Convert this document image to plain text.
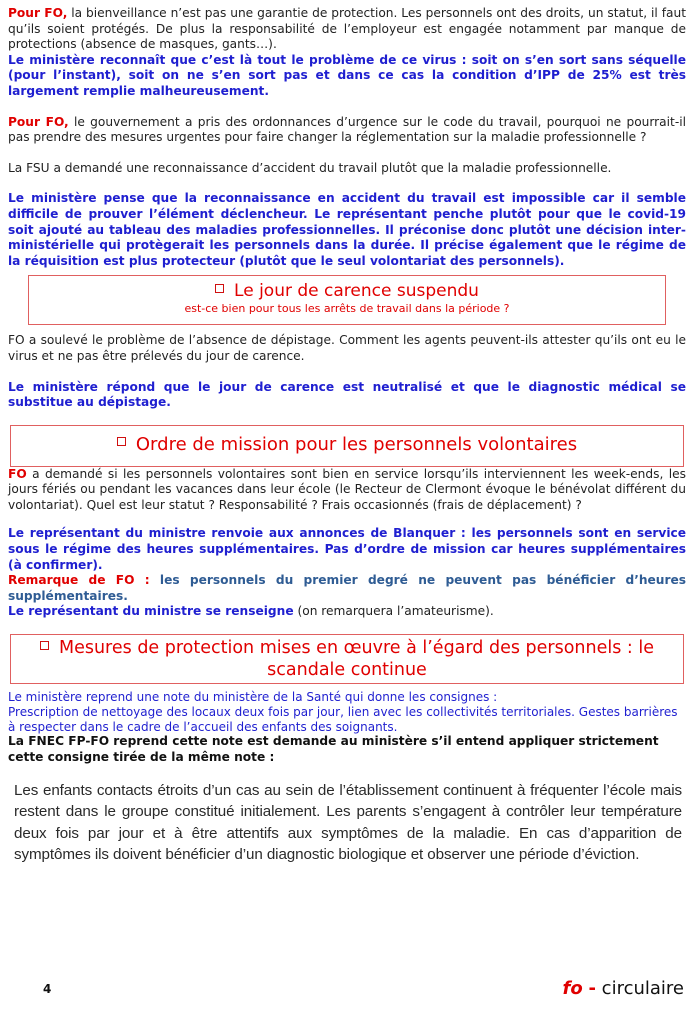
Pour FO, la bienveillance n’est pas une garantie de protection. Les personnels ont des droits, un statut, il faut qu’ils soient protégés. De plus la responsabilité de l’employeur est engagée notamment par manque de protections (absence de masques, gants…).

Le ministère reconnaît que c’est là tout le problème de ce virus : soit on s’en sort sans séquelle (pour l’instant), soit on ne s’en sort pas et dans ce cas la condition d’IPP de 25% est très largement remplie malheureusement.

Pour FO, le gouvernement a pris des ordonnances d’urgence sur le code du travail, pourquoi ne pourrait-il pas prendre des mesures urgentes pour faire changer la réglementation sur la maladie professionnelle ?

La FSU a demandé une reconnaissance d’accident du travail plutôt que la maladie professionnelle.

Le ministère pense que la reconnaissance en accident du travail est impossible car il semble difficile de prouver l’élément déclencheur. Le représentant penche plutôt pour que le covid-19 soit ajouté au tableau des maladies professionnelles. Il préconise donc plutôt une décision inter-ministérielle qui protègerait les personnels dans la durée. Il précise également que le régime de la réquisition est plus protecteur (plutôt que le seul volontariat des personnels).

Le jour de carence suspendu
est-ce bien pour tous les arrêts de travail dans la période ?

FO a soulevé le problème de l’absence de dépistage. Comment les agents peuvent-ils attester qu’ils ont eu le virus et ne pas être prélevés du jour de carence.

Le ministère répond que le jour de carence est neutralisé et que le diagnostic médical se substitue au dépistage.

Ordre de mission pour les personnels volontaires

FO a demandé si les personnels volontaires sont bien en service lorsqu’ils interviennent les week-ends, les jours fériés ou pendant les vacances dans leur école (le Recteur de Clermont évoque le bénévolat différent du volontariat). Quel est leur statut ? Responsabilité ? Frais occasionnés (frais de déplacement) ?

Le représentant du ministre renvoie aux annonces de Blanquer : les personnels sont en service sous le régime des heures supplémentaires. Pas d’ordre de mission car heures supplémentaires (à confirmer).

Remarque de FO : les personnels du premier degré ne peuvent pas bénéficier d’heures supplémentaires.

Le représentant du ministre se renseigne (on remarquera l’amateurisme).

Mesures de protection mises en œuvre à l’égard des personnels : le scandale continue

Le ministère reprend une note du ministère de la Santé qui donne les consignes :

Prescription de nettoyage des locaux deux fois par jour, lien avec les collectivités territoriales. Gestes barrières à respecter dans le cadre de l’accueil des enfants des soignants.

La FNEC FP-FO reprend cette note est demande au ministère s’il entend appliquer strictement cette consigne tirée de la même note :

Les enfants contacts étroits d’un cas au sein de l’établissement continuent à fréquenter l’école mais restent dans le groupe constitué initialement. Les parents s’engagent à contrôler leur température deux fois par jour et à être attentifs aux symptômes de la maladie. En cas d’apparition de symptômes ils doivent bénéficier d’un diagnostic biologique et observer une période d’éviction.

4	fo - circulaire
